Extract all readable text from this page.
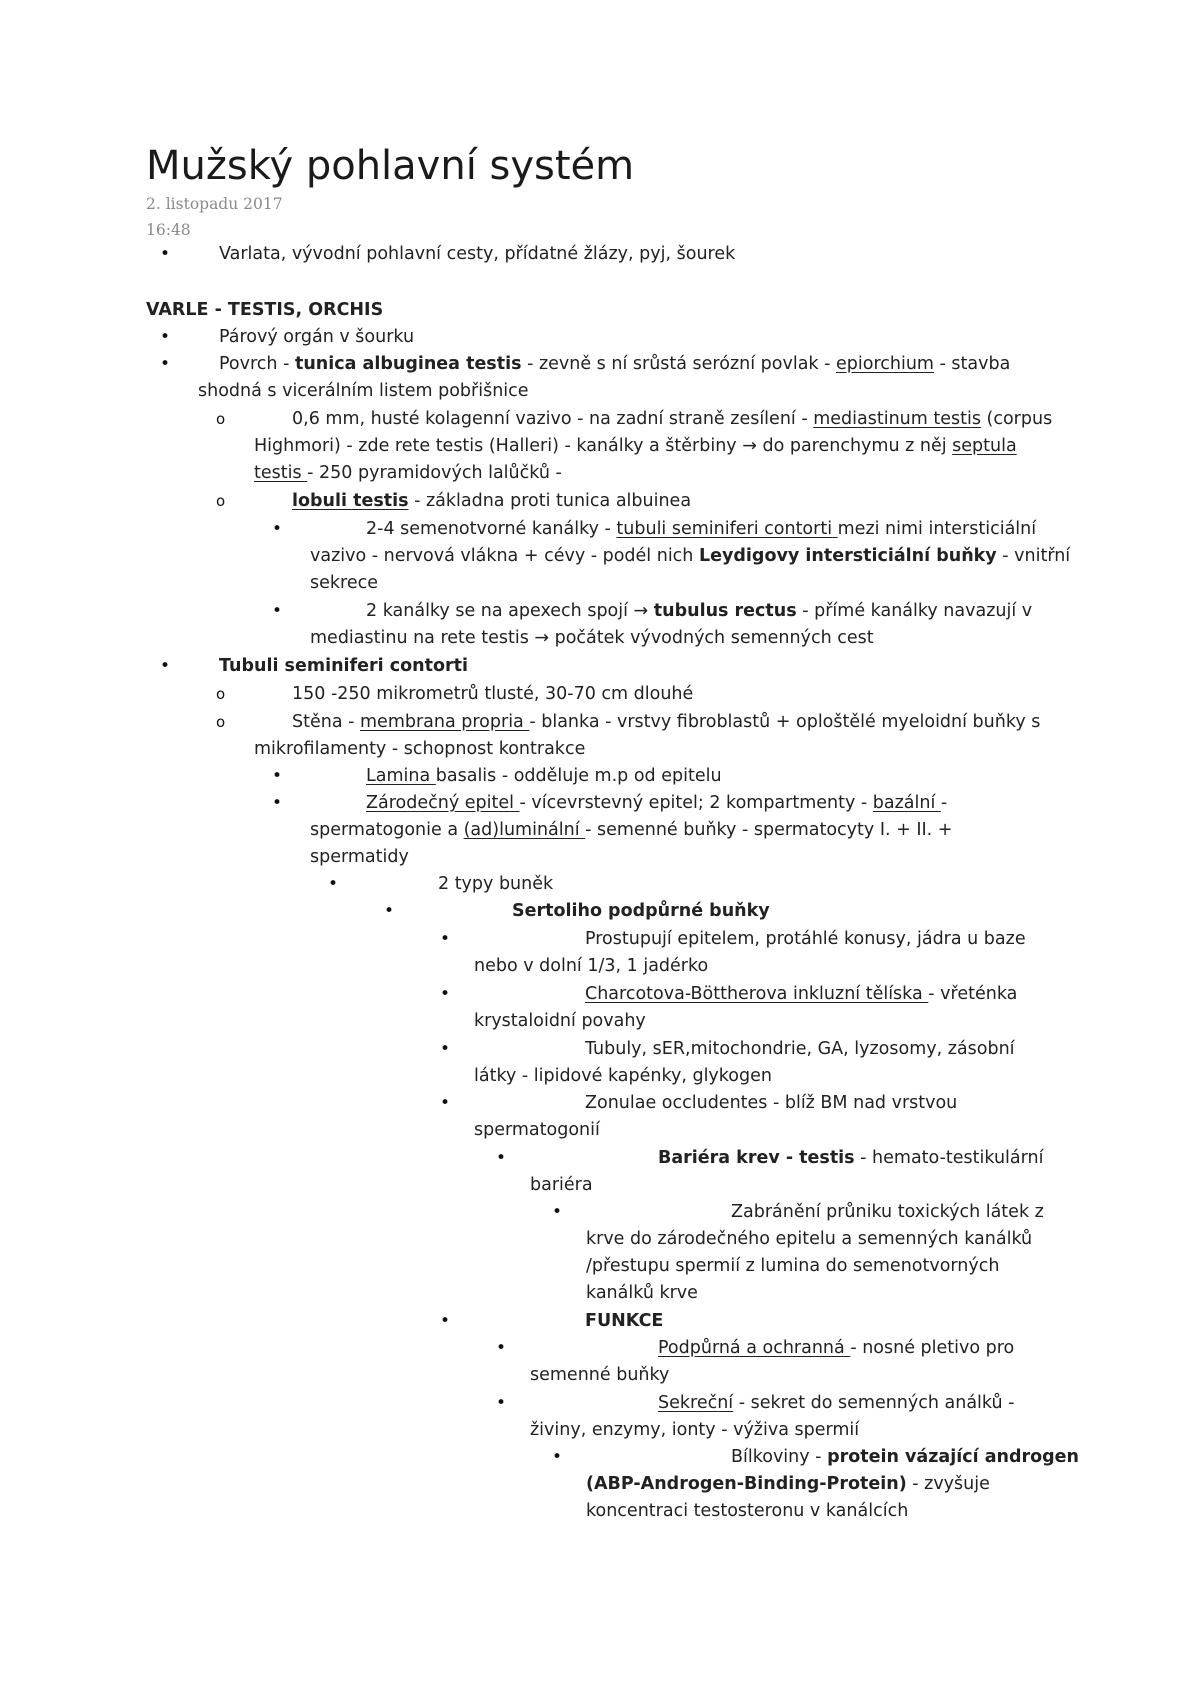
Mužský pohlavní systém
2. listopadu 2017
16:48
•	Varlata, vývodní pohlavní cesty, přídatné žlázy, pyj, šourek
VARLE - TESTIS, ORCHIS
•	Párový orgán v šourku
•	Povrch - tunica albuginea testis - zevně s ní srůstá serózní povlak - epiorchium - stavba
shodná s vicerálním listem pobřišnice
o	0,6 mm, husté kolagenní vazivo - na zadní straně zesílení - mediastinum testis (corpus
Highmori) - zde rete testis (Halleri) - kanálky a štěrbiny → do parenchymu z něj septula
testis - 250 pyramidových lalůčků -
o	lobuli testis - základna proti tunica albuinea
•	2-4 semenotvorné kanálky - tubuli seminiferi contorti mezi nimi intersticiální
vazivo - nervová vlákna + cévy - podél nich Leydigovy intersticiální buňky - vnitřní
sekrece
•	2 kanálky se na apexech spojí → tubulus rectus - přímé kanálky navazují v
mediastinu na rete testis → počátek vývodných semenných cest
•	Tubuli seminiferi contorti
o	150 -250 mikrometrů tlusté, 30-70 cm dlouhé
o	Stěna - membrana propria - blanka - vrstvy fibroblastů + oploštělé myeloidní buňky s
mikrofilamenty - schopnost kontrakce
•	Lamina basalis - odděluje m.p od epitelu
•	Zárodečný epitel - vícevrstevný epitel; 2 kompartmenty - bazální -
spermatogonie a (ad)luminální - semenné buňky - spermatocyty I. + II. +
spermatidy
•	2 typy buněk
•	Sertoliho podpůrné buňky
•	Prostupují epitelem, protáhlé konusy, jádra u baze
nebo v dolní 1/3, 1 jadérko
•	Charcotova-Böttherova inkluzní tělíska - vřeténka
krystaloidní povahy
•	Tubuly, sER,mitochondrie, GA, lyzosomy, zásobní
látky - lipidové kapénky, glykogen
•	Zonulae occludentes - blíž BM nad vrstvou
spermatogonií
•	Bariéra krev - testis - hemato-testikulární
bariéra
•	Zabránění průniku toxických látek z
krve do zárodečného epitelu a semenných kanálků
/přestupu spermií z lumina do semenotvorných
kanálků krve
•	FUNKCE
•	Podpůrná a ochranná - nosné pletivo pro
semenné buňky
•	Sekreční - sekret do semenných análků -
živiny, enzymy, ionty - výživa spermií
•	Bílkoviny - protein vázající androgen
(ABP-Androgen-Binding-Protein) - zvyšuje
koncentraci testosteronu v kanálcích
